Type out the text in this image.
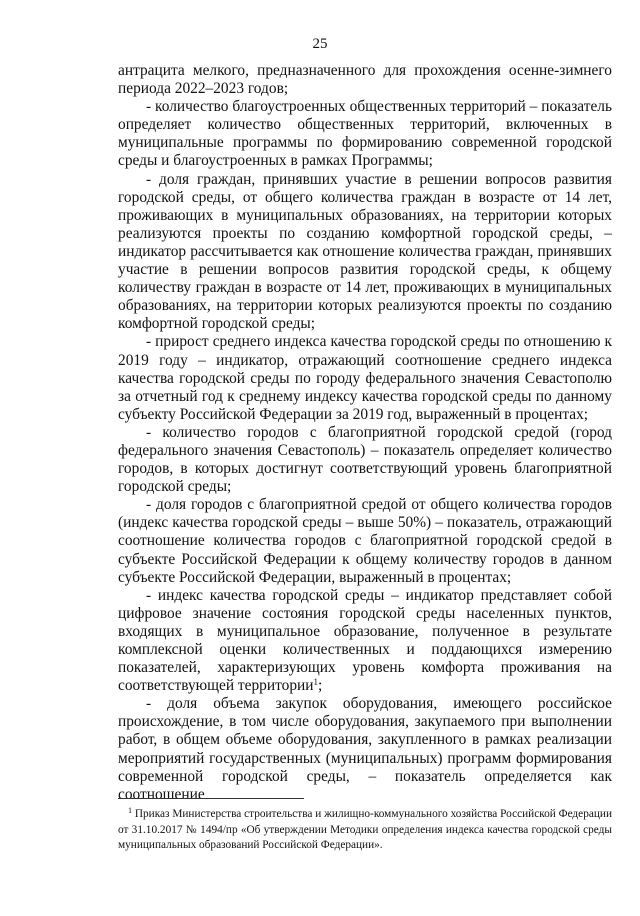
25

антрацита мелкого, предназначенного для прохождения осенне-зимнего периода 2022–2023 годов;

- количество благоустроенных общественных территорий – показатель определяет количество общественных территорий, включенных в муниципальные программы по формированию современной городской среды и благоустроенных в рамках Программы;

- доля граждан, принявших участие в решении вопросов развития городской среды, от общего количества граждан в возрасте от 14 лет, проживающих в муниципальных образованиях, на территории которых реализуются проекты по созданию комфортной городской среды, – индикатор рассчитывается как отношение количества граждан, принявших участие в решении вопросов развития городской среды, к общему количеству граждан в возрасте от 14 лет, проживающих в муниципальных образованиях, на территории которых реализуются проекты по созданию комфортной городской среды;

- прирост среднего индекса качества городской среды по отношению к 2019 году – индикатор, отражающий соотношение среднего индекса качества городской среды по городу федерального значения Севастополю за отчетный год к среднему индексу качества городской среды по данному субъекту Российской Федерации за 2019 год, выраженный в процентах;

- количество городов с благоприятной городской средой (город федерального значения Севастополь) – показатель определяет количество городов, в которых достигнут соответствующий уровень благоприятной городской среды;

- доля городов с благоприятной средой от общего количества городов (индекс качества городской среды – выше 50%) – показатель, отражающий соотношение количества городов с благоприятной городской средой в субъекте Российской Федерации к общему количеству городов в данном субъекте Российской Федерации, выраженный в процентах;

- индекс качества городской среды – индикатор представляет собой цифровое значение состояния городской среды населенных пунктов, входящих в муниципальное образование, полученное в результате комплексной оценки количественных и поддающихся измерению показателей, характеризующих уровень комфорта проживания на соответствующей территории$^1$;

- доля объема закупок оборудования, имеющего российское происхождение, в том числе оборудования, закупаемого при выполнении работ, в общем объеме оборудования, закупленного в рамках реализации мероприятий государственных (муниципальных) программ формирования современной городской среды, – показатель определяется как соотношение

$^1$ Приказ Министерства строительства и жилищно-коммунального хозяйства Российской Федерации от 31.10.2017 № 1494/пр «Об утверждении Методики определения индекса качества городской среды муниципальных образований Российской Федерации».
